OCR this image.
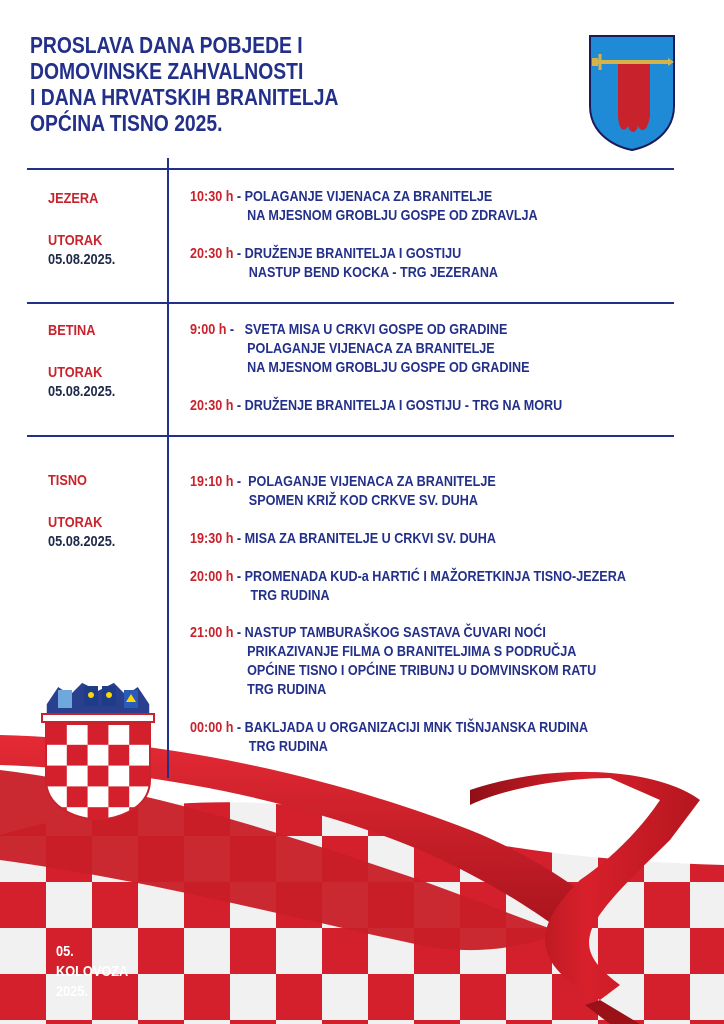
PROSLAVA DANA POBJEDE I
DOMOVINSKE ZAHVALNOSTI
I DANA HRVATSKIH BRANITELJA
OPĆINA TISNO 2025.
JEZERA
UTORAK
05.08.2025.
10:30 h - POLAGANJE VIJENACA ZA BRANITELJE
NA MJESNOM GROBLJU GOSPE OD ZDRAVLJA
20:30 h - DRUŽENJE BRANITELJA I GOSTIJU
NASTUP BEND KOCKA - TRG JEZERANA
BETINA
UTORAK
05.08.2025.
9:00 h -   SVETA MISA U CRKVI GOSPE OD GRADINE
POLAGANJE VIJENACA ZA BRANITELJE
NA MJESNOM GROBLJU GOSPE OD GRADINE
20:30 h - DRUŽENJE BRANITELJA I GOSTIJU - TRG NA MORU
TISNO
UTORAK
05.08.2025.
19:10 h -  POLAGANJE VIJENACA ZA BRANITELJE
SPOMEN KRIŽ KOD CRKVE SV. DUHA
19:30 h - MISA ZA BRANITELJE U CRKVI SV. DUHA
20:00 h - PROMENADA KUD-a HARTIĆ I MAŽORETKINJA TISNO-JEZERA
TRG RUDINA
21:00 h - NASTUP TAMBURAŠKOG SASTAVA ČUVARI NOĆI
PRIKAZIVANJE FILMA O BRANITELJIMA S PODRUČJA
OPĆINE TISNO I OPĆINE TRIBUNJ U DOMVINSKOM RATU
TRG RUDINA
00:00 h - BAKLJADA U ORGANIZACIJI MNK TIŠNJANSKA RUDINA
TRG RUDINA
ORGANIZATOR:
UHDVDR OPĆINE TISNO,
OPĆINA TISNO, TZO TISNO
05.
KOLOVOZA
2025.
